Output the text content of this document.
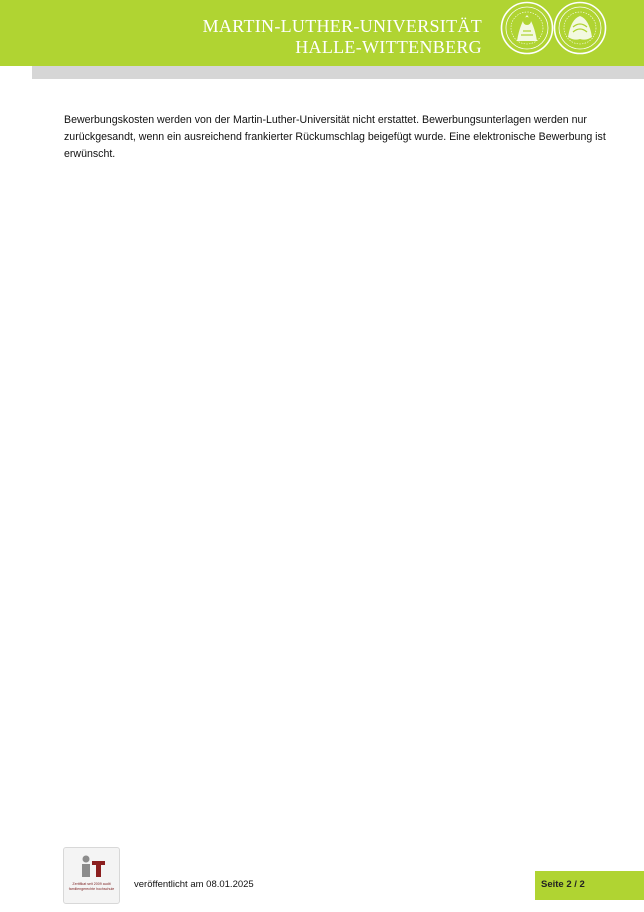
MARTIN-LUTHER-UNIVERSITÄT
HALLE-WITTENBERG
Bewerbungskosten werden von der Martin-Luther-Universität nicht erstattet. Bewerbungsunterlagen werden nur zurückgesandt, wenn ein ausreichend frankierter Rückumschlag beigefügt wurde. Eine elektronische Bewerbung ist erwünscht.
Zertifikat seit 2009 audit familiengerechte hochschule	veröffentlicht am 08.01.2025	Seite 2 / 2
